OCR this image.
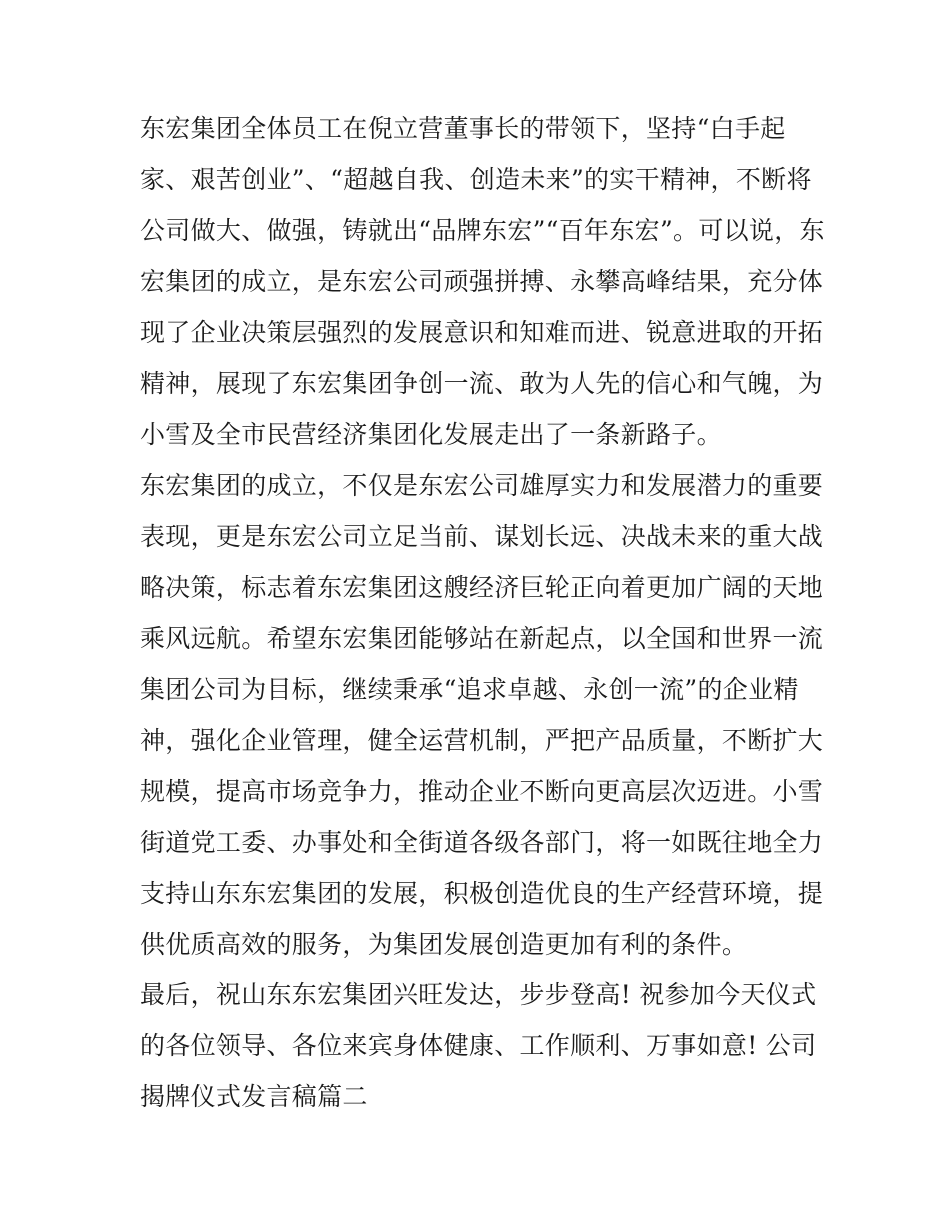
东宏集团全体员工在倪立营董事长的带领下，坚持“白手起
家、艰苦创业”、“超越自我、创造未来”的实干精神，不断将
公司做大、做强，铸就出“品牌东宏”“百年东宏”。可以说，东
宏集团的成立，是东宏公司顽强拼搏、永攀高峰结果，充分体
现了企业决策层强烈的发展意识和知难而进、锐意进取的开拓
精神，展现了东宏集团争创一流、敢为人先的信心和气魄，为
小雪及全市民营经济集团化发展走出了一条新路子。
东宏集团的成立，不仅是东宏公司雄厚实力和发展潜力的重要
表现，更是东宏公司立足当前、谋划长远、决战未来的重大战
略决策，标志着东宏集团这艘经济巨轮正向着更加广阔的天地
乘风远航。希望东宏集团能够站在新起点，以全国和世界一流
集团公司为目标，继续秉承“追求卓越、永创一流”的企业精
神，强化企业管理，健全运营机制，严把产品质量，不断扩大
规模，提高市场竞争力，推动企业不断向更高层次迈进。小雪
街道党工委、办事处和全街道各级各部门，将一如既往地全力
支持山东东宏集团的发展，积极创造优良的生产经营环境，提
供优质高效的服务，为集团发展创造更加有利的条件。
最后，祝山东东宏集团兴旺发达，步步登高! 祝参加今天仪式
的各位领导、各位来宾身体健康、工作顺利、万事如意! 公司
揭牌仪式发言稿篇二
